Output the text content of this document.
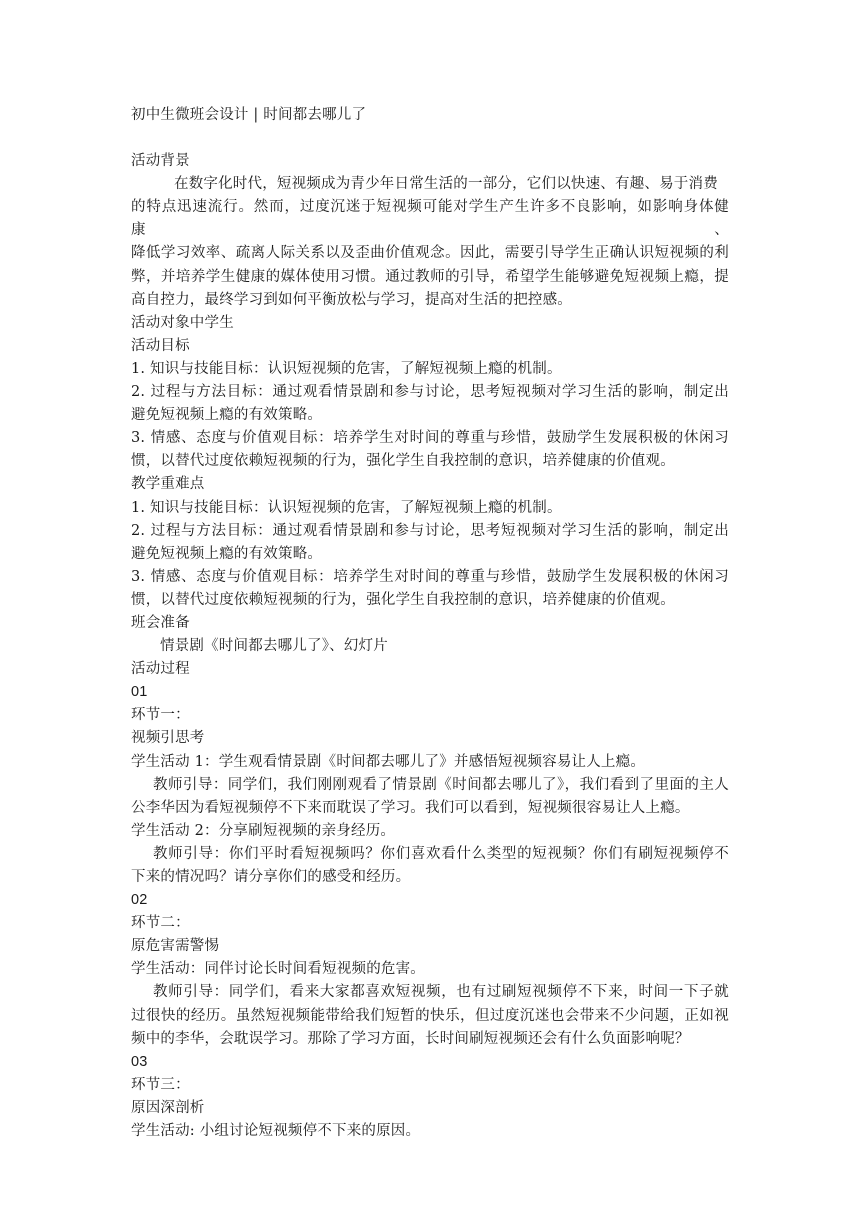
初中生微班会设计 | 时间都去哪儿了
活动背景
在数字化时代，短视频成为青少年日常生活的一部分，它们以快速、有趣、易于消费
的特点迅速流行。然而，过度沉迷于短视频可能对学生产生许多不良影响，如影响身体健康、
降低学习效率、疏离人际关系以及歪曲价值观念。因此，需要引导学生正确认识短视频的利
弊，并培养学生健康的媒体使用习惯。通过教师的引导，希望学生能够避免短视频上瘾，提
高自控力，最终学习到如何平衡放松与学习，提高对生活的把控感。
活动对象中学生
活动目标
1. 知识与技能目标：认识短视频的危害，了解短视频上瘾的机制。
2. 过程与方法目标：通过观看情景剧和参与讨论，思考短视频对学习生活的影响，制定出
避免短视频上瘾的有效策略。
3. 情感、态度与价值观目标：培养学生对时间的尊重与珍惜，鼓励学生发展积极的休闲习
惯，以替代过度依赖短视频的行为，强化学生自我控制的意识，培养健康的价值观。
教学重难点
1. 知识与技能目标：认识短视频的危害，了解短视频上瘾的机制。
2. 过程与方法目标：通过观看情景剧和参与讨论，思考短视频对学习生活的影响，制定出
避免短视频上瘾的有效策略。
3. 情感、态度与价值观目标：培养学生对时间的尊重与珍惜，鼓励学生发展积极的休闲习
惯，以替代过度依赖短视频的行为，强化学生自我控制的意识，培养健康的价值观。
班会准备
情景剧《时间都去哪儿了》、幻灯片
活动过程
01
环节一：
视频引思考
学生活动 1：学生观看情景剧《时间都去哪儿了》并感悟短视频容易让人上瘾。
教师引导：同学们，我们刚刚观看了情景剧《时间都去哪儿了》，我们看到了里面的主人
公李华因为看短视频停不下来而耽误了学习。我们可以看到，短视频很容易让人上瘾。
学生活动 2：分享刷短视频的亲身经历。
教师引导：你们平时看短视频吗？你们喜欢看什么类型的短视频？你们有刷短视频停不
下来的情况吗？请分享你们的感受和经历。
02
环节二：
原危害需警惕
学生活动：同伴讨论长时间看短视频的危害。
教师引导：同学们，看来大家都喜欢短视频，也有过刷短视频停不下来，时间一下子就
过很快的经历。虽然短视频能带给我们短暂的快乐，但过度沉迷也会带来不少问题，正如视
频中的李华，会耽误学习。那除了学习方面，长时间刷短视频还会有什么负面影响呢？
03
环节三：
原因深剖析
学生活动: 小组讨论短视频停不下来的原因。
